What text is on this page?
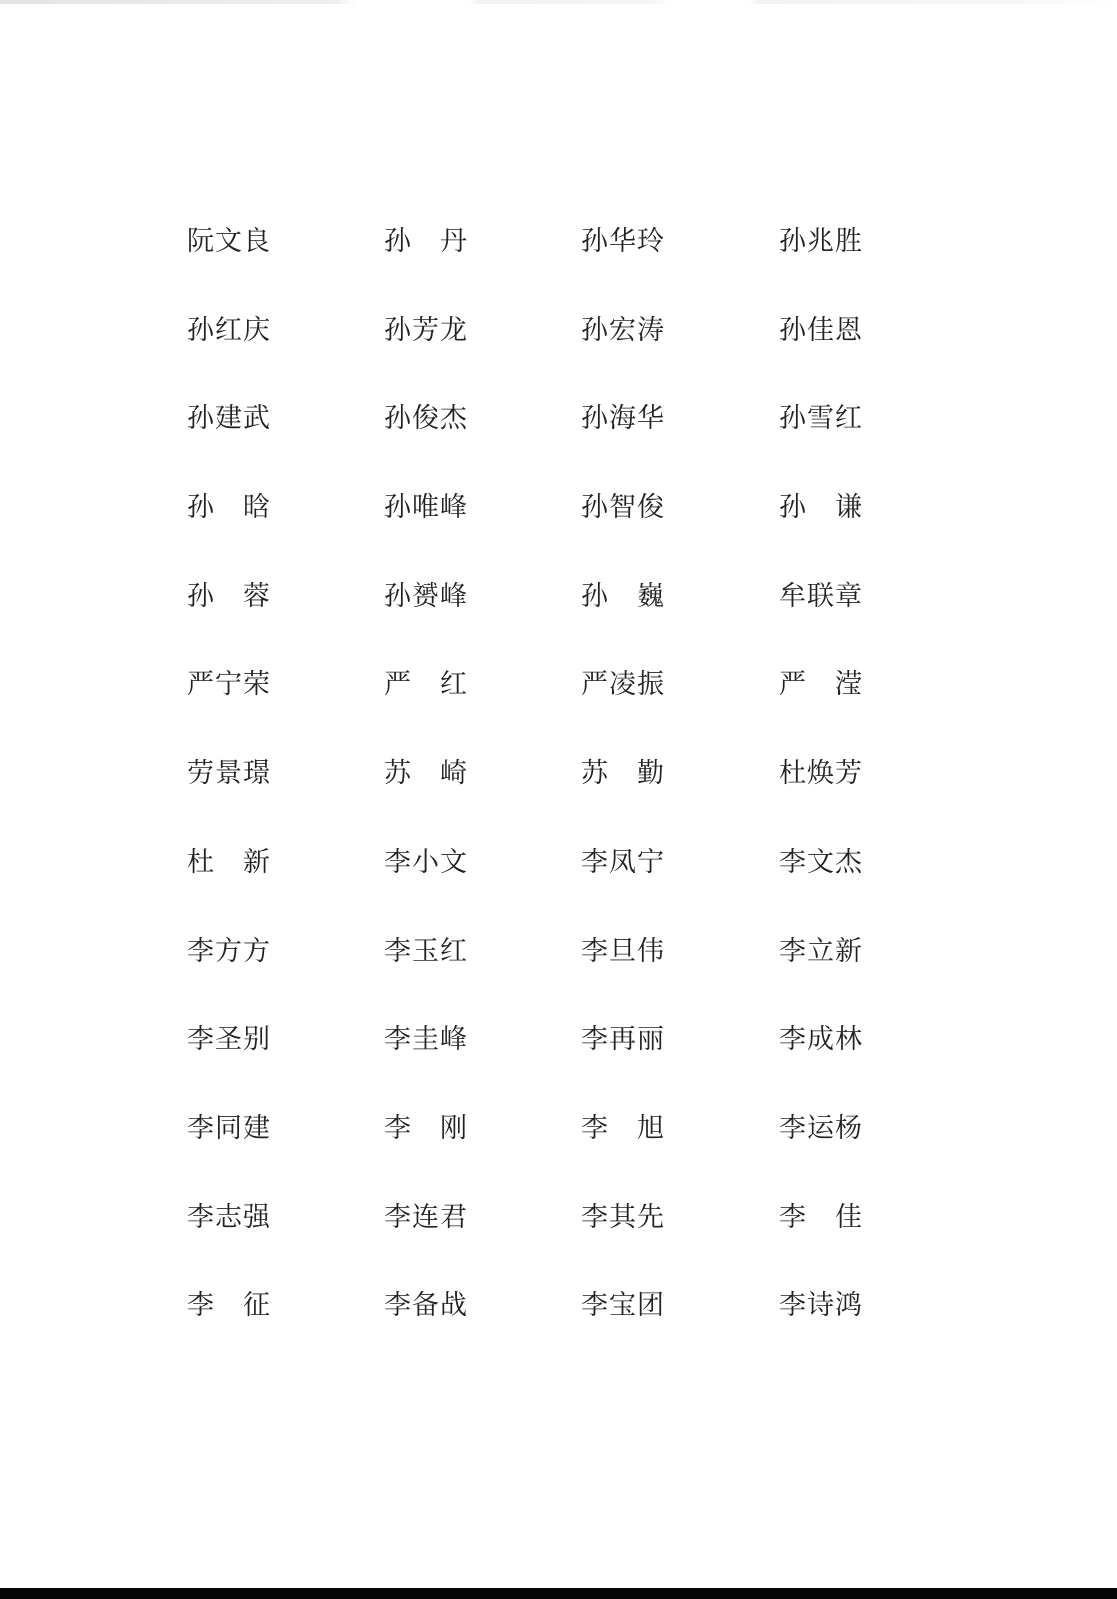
阮文良	孙　丹	孙华玲	孙兆胜
孙红庆	孙芳龙	孙宏涛	孙佳恩
孙建武	孙俊杰	孙海华	孙雪红
孙　晗	孙唯峰	孙智俊	孙　谦
孙　蓉	孙赟峰	孙　巍	牟联章
严宁荣	严　红	严凌振	严　滢
劳景璟	苏　崎	苏　勤	杜焕芳
杜　新	李小文	李凤宁	李文杰
李方方	李玉红	李旦伟	李立新
李圣别	李圭峰	李再丽	李成林
李同建	李　刚	李　旭	李运杨
李志强	李连君	李其先	李　佳
李　征	李备战	李宝团	李诗鸿
